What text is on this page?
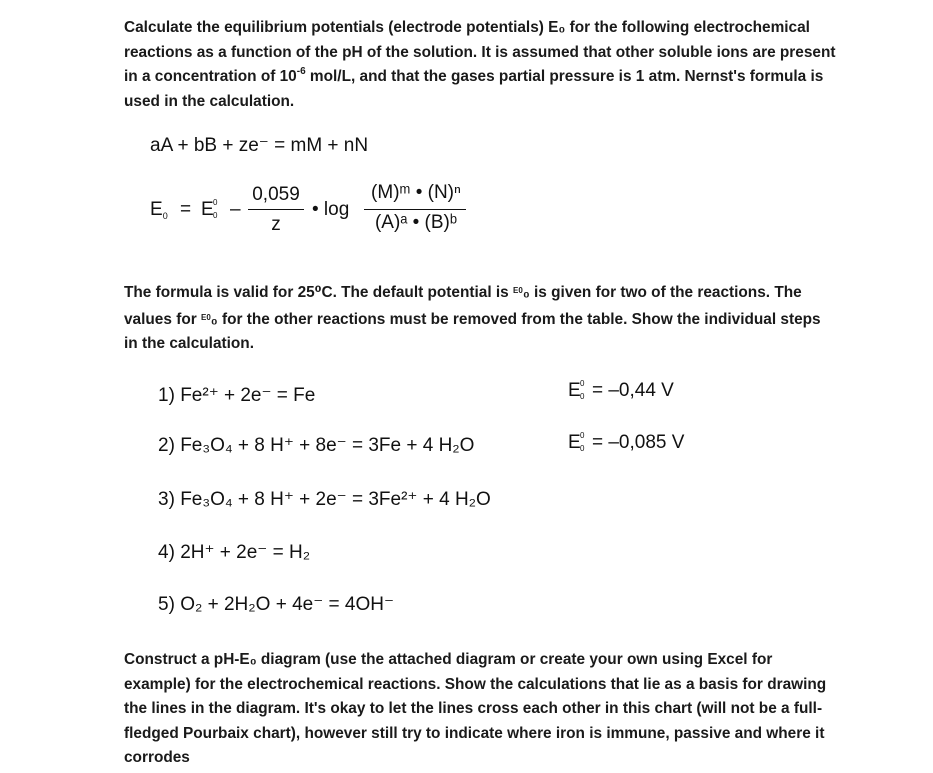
Calculate the equilibrium potentials (electrode potentials) E₀ for the following electrochemical
reactions as a function of the pH of the solution. It is assumed that other soluble ions are present
in a concentration of $10^{-6}$ mol/L, and that the gases partial pressure is 1 atm. Nernst's formula is
used in the calculation.
aA + bB + ze⁻ = mM + nN
$E_0 = E$ 0
0 –
0,059
z
• log
(M)ᵐ • (N)ⁿ
(A)ᵃ • (B)ᵇ
The formula is valid for 25⁰C. The default potential is $^{E0}$₀ is given for two of the reactions. The
values for $^{E0}$₀ for the other reactions must be removed from the table. Show the individual steps
in the calculation.
1) Fe²⁺ + 2e⁻ = Fe	E 0
0 = –0,44 V
2) Fe₃O₄ + 8 H⁺ + 8e⁻ = 3Fe + 4 H₂O	E 0
0 = –0,085 V
3) Fe₃O₄ + 8 H⁺ + 2e⁻ = 3Fe²⁺ + 4 H₂O
4) 2H⁺ + 2e⁻ = H₂
5) O₂ + 2H₂O + 4e⁻ = 4OH⁻
Construct a pH-E₀ diagram (use the attached diagram or create your own using Excel for
example) for the electrochemical reactions. Show the calculations that lie as a basis for drawing
the lines in the diagram. It's okay to let the lines cross each other in this chart (will not be a full-
fledged Pourbaix chart), however still try to indicate where iron is immune, passive and where it
corrodes
